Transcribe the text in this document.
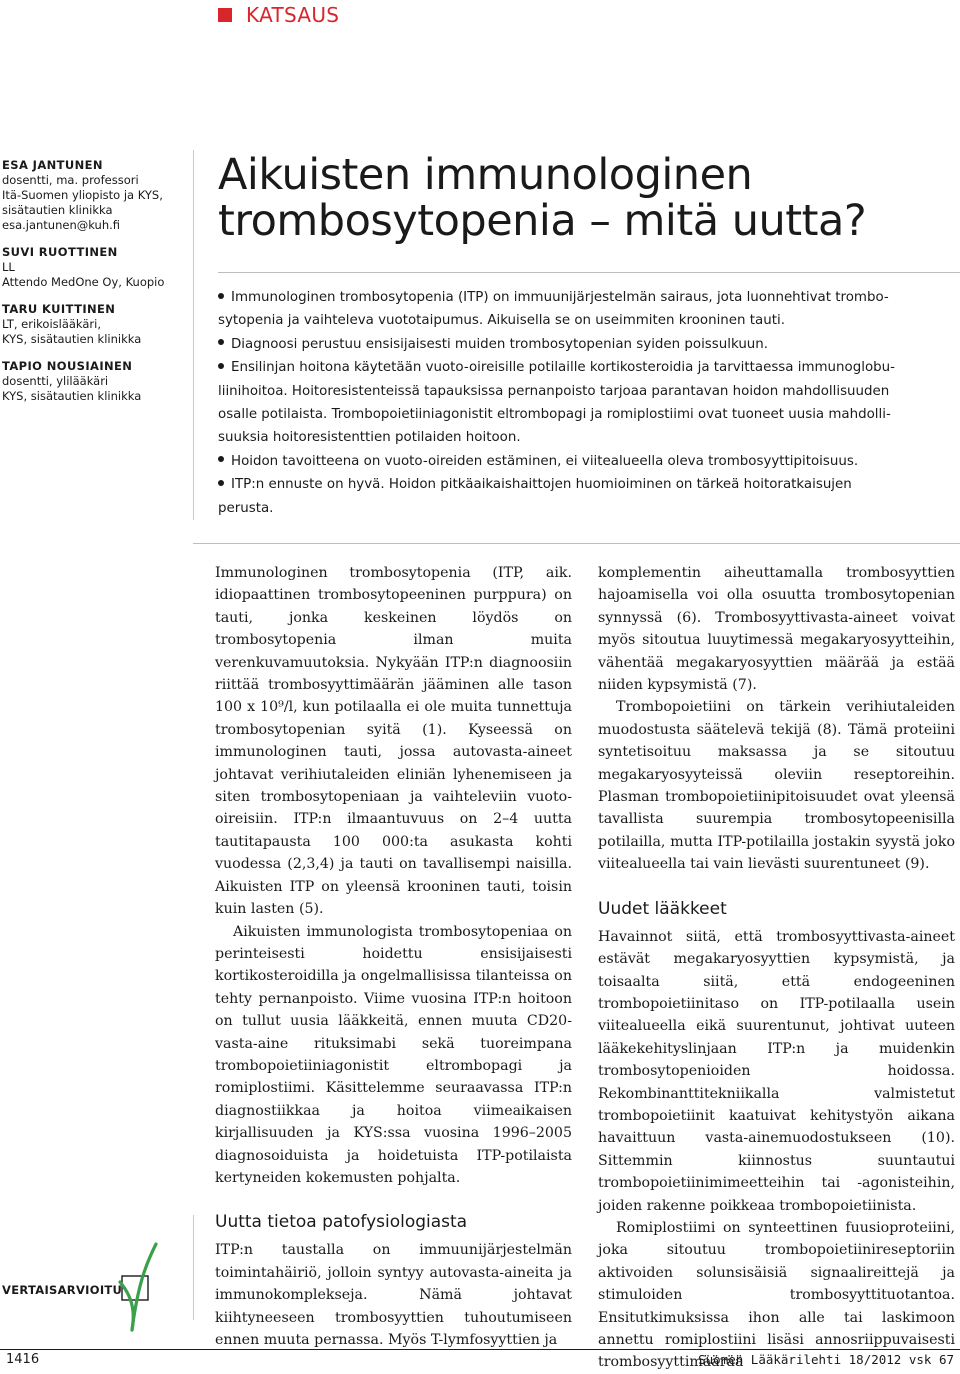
KATSAUS
ESA JANTUNEN
dosentti, ma. professori
Itä-Suomen yliopisto ja KYS,
sisätautien klinikka
esa.jantunen@kuh.fi
SUVI RUOTTINEN
LL
Attendo MedOne Oy, Kuopio
TARU KUITTINEN
LT, erikoislääkäri,
KYS, sisätautien klinikka
TAPIO NOUSIAINEN
dosentti, ylilääkäri
KYS, sisätautien klinikka
Aikuisten immunologinen
trombosytopenia – mitä uutta?

Immunologinen trombosytopenia (ITP) on immuunijärjestelmän sairaus, jota luonnehtivat trombo-

sytopenia ja vaihteleva vuototaipumus. Aikuisella se on useimmiten krooninen tauti.

Diagnoosi perustuu ensisijaisesti muiden trombosytopenian syiden poissulkuun.

Ensilinjan hoitona käytetään vuoto-oireisille potilaille kortikosteroidia ja tarvittaessa immunoglobu-

liinihoitoa. Hoitoresistenteissä tapauksissa pernanpoisto tarjoaa parantavan hoidon mahdollisuuden

osalle potilaista. Trombopoietiiniagonistit eltrombopagi ja romiplostiimi ovat tuoneet uusia mahdolli-

suuksia hoitoresistenttien potilaiden hoitoon.

Hoidon tavoitteena on vuoto-oireiden estäminen, ei viitealueella oleva trombosyyttipitoisuus.

ITP:n ennuste on hyvä. Hoidon pitkäaikaishaittojen huomioiminen on tärkeä hoitoratkaisujen

perusta.

Immunologinen trombosytopenia (ITP, aik. idiopaattinen trombosytopeeninen purppura) on tauti, jonka keskeinen löydös on trombosytopenia ilman muita verenkuvamuutoksia. Nykyään ITP:n diagnoosiin riittää trombosyyttimäärän jääminen alle tason 100 x 10⁹/l, kun potilaalla ei ole muita tunnettuja trombosytopenian syitä (1). Kyseessä on immunologinen tauti, jossa autovasta-aineet johtavat verihiutaleiden eliniän lyhenemiseen ja siten trombosytopeniaan ja vaihteleviin vuoto-oireisiin. ITP:n ilmaantuvuus on 2–4 uutta tautitapausta 100 000:ta asukasta kohti vuodessa (2,3,4) ja tauti on tavallisempi naisilla. Aikuisten ITP on yleensä krooninen tauti, toisin kuin lasten (5).

Aikuisten immunologista trombosytopeniaa on perinteisesti hoidettu ensisijaisesti kortikosteroidilla ja ongelmallisissa tilanteissa on tehty pernanpoisto. Viime vuosina ITP:n hoitoon on tullut uusia lääkkeitä, ennen muuta CD20-vasta-aine rituksimabi sekä tuoreimpana trombopoietiiniagonistit eltrombopagi ja romiplostiimi. Käsittelemme seuraavassa ITP:n diagnostiikkaa ja hoitoa viimeaikaisen kirjallisuuden ja KYS:ssa vuosina 1996–2005 diagnosoiduista ja hoidetuista ITP-potilaista kertyneiden kokemusten pohjalta.

Uutta tietoa patofysiologiasta

ITP:n taustalla on immuunijärjestelmän toimintahäiriö, jolloin syntyy autovasta-aineita ja immunokomplekseja. Nämä johtavat kiihtyneeseen trombosyyttien tuhoutumiseen ennen muuta pernassa. Myös T-lymfosyyttien ja

komplementin aiheuttamalla trombosyyttien hajoamisella voi olla osuutta trombosytopenian synnyssä (6). Trombosyyttivasta-aineet voivat myös sitoutua luuytimessä megakaryosyytteihin, vähentää megakaryosyyttien määrää ja estää niiden kypsymistä (7).

Trombopoietiini on tärkein verihiutaleiden muodostusta säätelevä tekijä (8). Tämä proteiini syntetisoituu maksassa ja se sitoutuu megakaryosyyteissä oleviin reseptoreihin. Plasman trombopoietiinipitoisuudet ovat yleensä tavallista suurempia trombosytopeenisilla potilailla, mutta ITP-potilailla jostakin syystä joko viitealueella tai vain lievästi suurentuneet (9).

Uudet lääkkeet

Havainnot siitä, että trombosyyttivasta-aineet estävät megakaryosyyttien kypsymistä, ja toisaalta siitä, että endogeeninen trombopoietiinitaso on ITP-potilaalla usein viitealueella eikä suurentunut, johtivat uuteen lääkekehityslinjaan ITP:n ja muidenkin trombosytopenioiden hoidossa. Rekombinanttitekniikalla valmistetut trombopoietiinit kaatuivat kehitystyön aikana havaittuun vasta-ainemuodostukseen (10). Sittemmin kiinnostus suuntautui trombopoietiinimimeetteihin tai -agonisteihin, joiden rakenne poikkeaa trombopoietiinista.

Romiplostiimi on synteettinen fuusioproteiini, joka sitoutuu trombopoietiinireseptoriin aktivoiden solunsisäisiä signaalireittejä ja stimuloiden trombosyyttituotantoa. Ensitutkimuksissa ihon alle tai laskimoon annettu romiplostiini lisäsi annosriippuvaisesti trombosyyttimäärää

VERTAISARVIOITU
1416	Suomen Lääkärilehti 18/2012 vsk 67
